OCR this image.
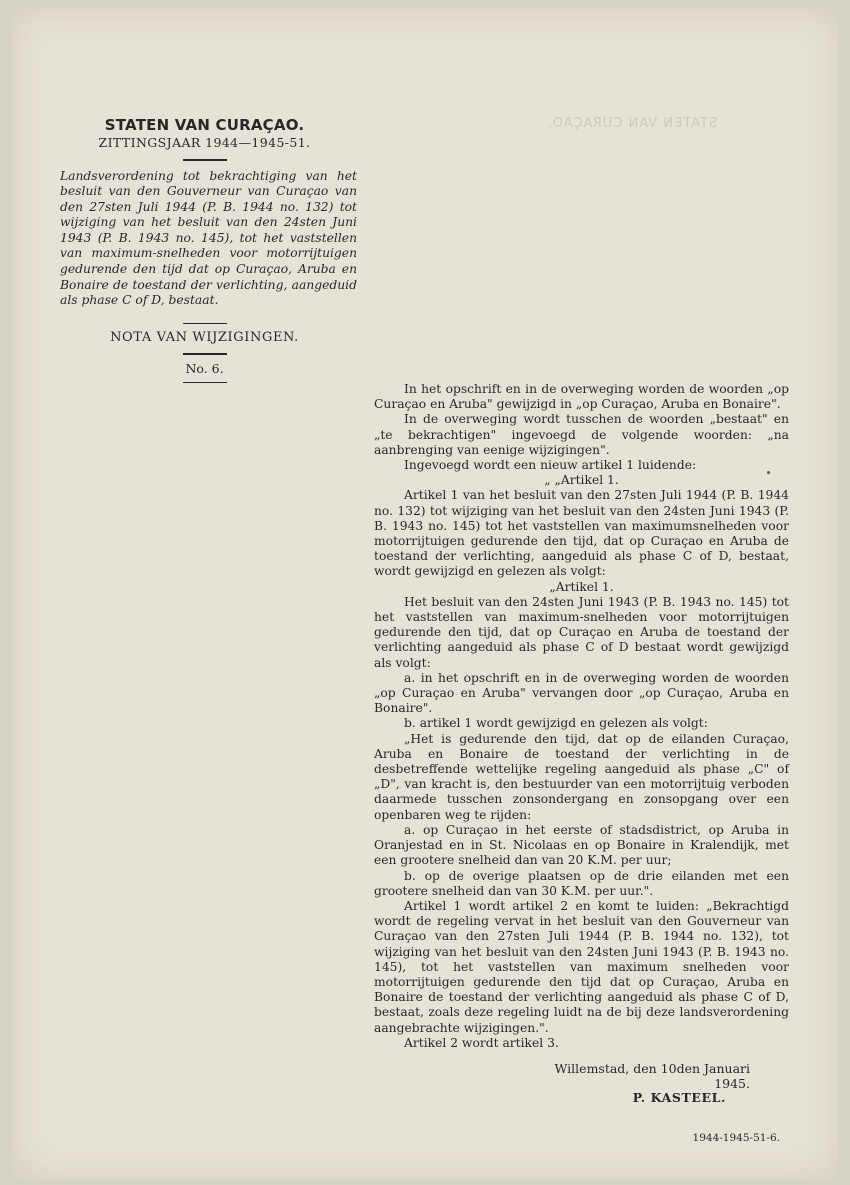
STATEN VAN CURAÇAO.
STATEN VAN CURAÇAO.
ZITTINGSJAAR 1944—1945-51.
Landsverordening tot bekrachtiging van het besluit van den Gouverneur van Curaçao van den 27sten Juli 1944 (P. B. 1944 no. 132) tot wijziging van het besluit van den 24sten Juni 1943 (P. B. 1943 no. 145), tot het vaststellen van maximum-snelheden voor motorrijtuigen gedurende den tijd dat op Curaçao, Aruba en Bonaire de toestand der verlichting, aangeduid als phase C of D, bestaat.
NOTA VAN WIJZIGINGEN.
No. 6.

In het opschrift en in de overweging worden de woorden „op Curaçao en Aruba" gewijzigd in „op Curaçao, Aruba en Bonaire".

In de overweging wordt tusschen de woorden „bestaat" en „te bekrachtigen" ingevoegd de volgende woorden: „na aanbrenging van eenige wijzigingen".

Ingevoegd wordt een nieuw artikel 1 luidende:

„ „Artikel 1.

Artikel 1 van het besluit van den 27sten Juli 1944 (P. B. 1944 no. 132) tot wijziging van het besluit van den 24sten Juni 1943 (P. B. 1943 no. 145) tot het vaststellen van maximumsnelheden voor motorrijtuigen gedurende den tijd, dat op Curaçao en Aruba de toestand der verlichting, aangeduid als phase C of D, bestaat, wordt gewijzigd en gelezen als volgt:

„Artikel 1.

Het besluit van den 24sten Juni 1943 (P. B. 1943 no. 145) tot het vaststellen van maximum-snelheden voor motorrijtuigen gedurende den tijd, dat op Curaçao en Aruba de toestand der verlichting aangeduid als phase C of D bestaat wordt gewijzigd als volgt:

a. in het opschrift en in de overweging worden de woorden „op Curaçao en Aruba" vervangen door „op Curaçao, Aruba en Bonaire".

b. artikel 1 wordt gewijzigd en gelezen als volgt:

„Het is gedurende den tijd, dat op de eilanden Curaçao, Aruba en Bonaire de toestand der verlichting in de desbetreffende wettelijke regeling aangeduid als phase „C" of „D", van kracht is, den bestuurder van een motorrijtuig verboden daarmede tusschen zonsondergang en zonsopgang over een openbaren weg te rijden:

a. op Curaçao in het eerste of stadsdistrict, op Aruba in Oranjestad en in St. Nicolaas en op Bonaire in Kralendijk, met een grootere snelheid dan van 20 K.M. per uur;

b. op de overige plaatsen op de drie eilanden met een grootere snelheid dan van 30 K.M. per uur.".

Artikel 1 wordt artikel 2 en komt te luiden: „Bekrachtigd wordt de regeling vervat in het besluit van den Gouverneur van Curaçao van den 27sten Juli 1944 (P. B. 1944 no. 132), tot wijziging van het besluit van den 24sten Juni 1943 (P. B. 1943 no. 145), tot het vaststellen van maximum snelheden voor motorrijtuigen gedurende den tijd dat op Curaçao, Aruba en Bonaire de toestand der verlichting aangeduid als phase C of D, bestaat, zoals deze regeling luidt na de bij deze landsverordening aangebrachte wijzigingen.".

Artikel 2 wordt artikel 3.

Willemstad, den 10den Januari 1945.
P. KASTEEL.
1944-1945-51-6.
